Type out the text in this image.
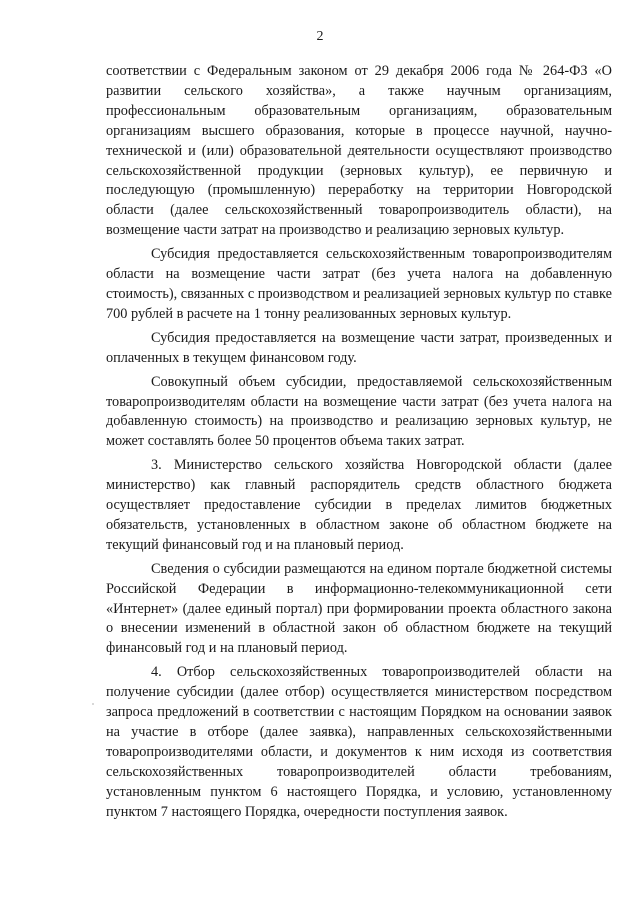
2

соответствии с Федеральным законом от 29 декабря 2006 года № 264-ФЗ «О развитии сельского хозяйства», а также научным организациям, профессиональным образовательным организациям, образовательным организациям высшего образования, которые в процессе научной, научно-технической и (или) образовательной деятельности осуществляют производство сельскохозяйственной продукции (зерновых культур), ее первичную и последующую (промышленную) переработку на территории Новгородской области (далее сельскохозяйственный товаропроизводитель области), на возмещение части затрат на производство и реализацию зерновых культур.

Субсидия предоставляется сельскохозяйственным товаропроизводителям области на возмещение части затрат (без учета налога на добавленную стоимость), связанных с производством и реализацией зерновых культур по ставке 700 рублей в расчете на 1 тонну реализованных зерновых культур.

Субсидия предоставляется на возмещение части затрат, произведенных и оплаченных в текущем финансовом году.

Совокупный объем субсидии, предоставляемой сельскохозяйственным товаропроизводителям области на возмещение части затрат (без учета налога на добавленную стоимость) на производство и реализацию зерновых культур, не может составлять более 50 процентов объема таких затрат.

3. Министерство сельского хозяйства Новгородской области (далее министерство) как главный распорядитель средств областного бюджета осуществляет предоставление субсидии в пределах лимитов бюджетных обязательств, установленных в областном законе об областном бюджете на текущий финансовый год и на плановый период.

Сведения о субсидии размещаются на едином портале бюджетной системы Российской Федерации в информационно-телекоммуникационной сети «Интернет» (далее единый портал) при формировании проекта областного закона о внесении изменений в областной закон об областном бюджете на текущий финансовый год и на плановый период.

4. Отбор сельскохозяйственных товаропроизводителей области на получение субсидии (далее отбор) осуществляется министерством посредством запроса предложений в соответствии с настоящим Порядком на основании заявок на участие в отборе (далее заявка), направленных сельскохозяйственными товаропроизводителями области, и документов к ним исходя из соответствия сельскохозяйственных товаропроизводителей области требованиям, установленным пунктом 6 настоящего Порядка, и условию, установленному пунктом 7 настоящего Порядка, очередности поступления заявок.
